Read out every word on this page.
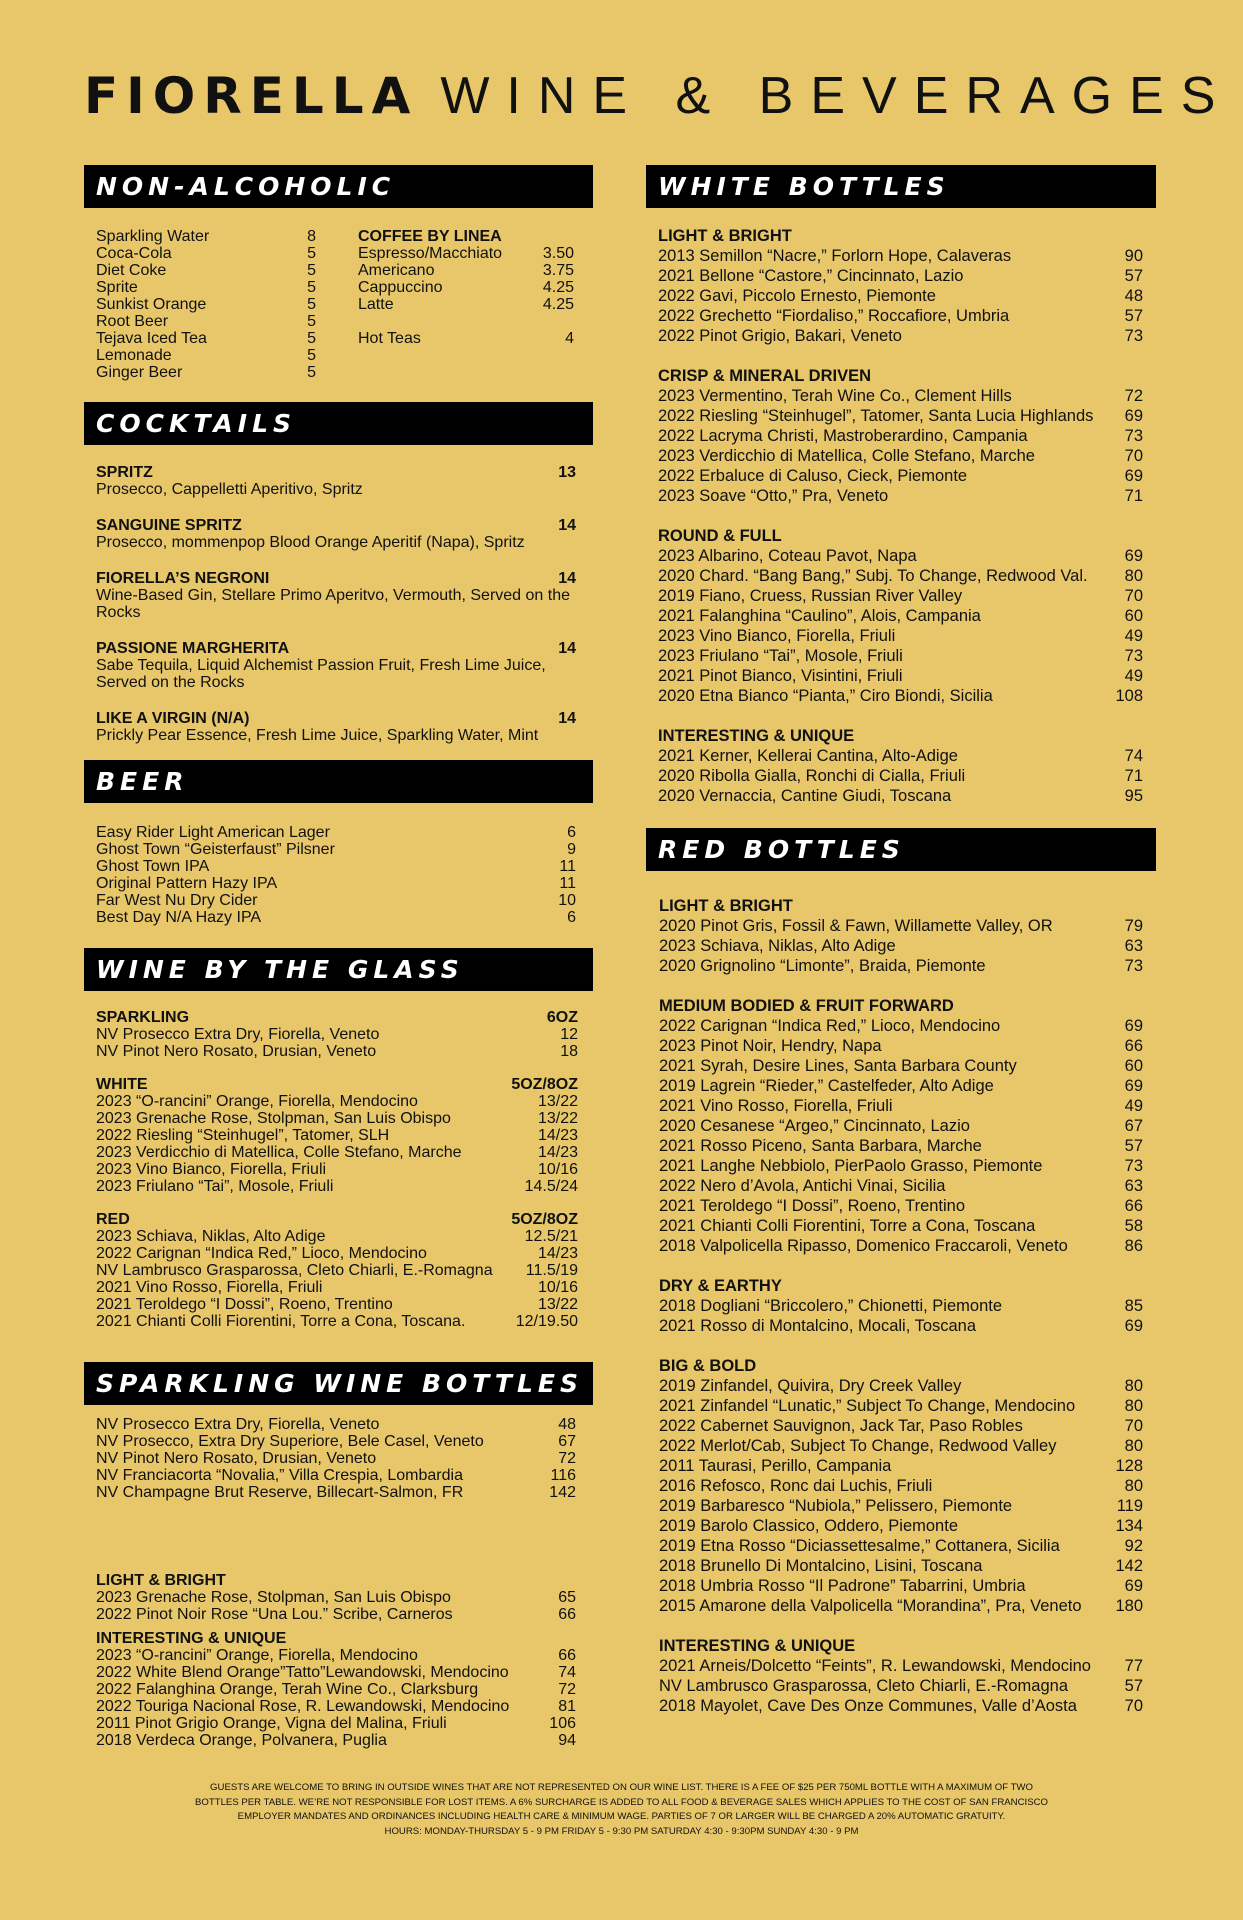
FIORELLA WINE & BEVERAGES
NON-ALCOHOLIC
Sparkling Water	8
Coca-Cola	5
Diet Coke	5
Sprite	5
Sunkist Orange	5
Root Beer	5
Tejava Iced Tea	5
Lemonade	5
Ginger Beer	5
COFFEE BY LINEA
Espresso/Macchiato	3.50
Americano	3.75
Cappuccino	4.25
Latte	4.25
Hot Teas	4
COCKTAILS
SPRITZ	13
Prosecco, Cappelletti Aperitivo, Spritz
SANGUINE SPRITZ	14
Prosecco, mommenpop Blood Orange Aperitif (Napa), Spritz
FIORELLA’S NEGRONI	14
Wine-Based Gin, Stellare Primo Aperitvo, Vermouth, Served on the Rocks
PASSIONE MARGHERITA	14
Sabe Tequila, Liquid Alchemist Passion Fruit, Fresh Lime Juice, Served on the Rocks
LIKE A VIRGIN (N/A)	14
Prickly Pear Essence, Fresh Lime Juice, Sparkling Water, Mint
BEER
Easy Rider Light American Lager	6
Ghost Town “Geisterfaust” Pilsner	9
Ghost Town IPA	11
Original Pattern Hazy IPA	11
Far West Nu Dry Cider	10
Best Day N/A Hazy IPA	6
WINE BY THE GLASS
SPARKLING	6OZ
NV Prosecco Extra Dry, Fiorella, Veneto	12
NV Pinot Nero Rosato, Drusian, Veneto	18
WHITE	5OZ/8OZ
2023 “O-rancini” Orange, Fiorella, Mendocino	13/22
2023 Grenache Rose, Stolpman, San Luis Obispo	13/22
2022 Riesling “Steinhugel”, Tatomer, SLH	14/23
2023 Verdicchio di Matellica, Colle Stefano, Marche	14/23
2023 Vino Bianco, Fiorella, Friuli	10/16
2023 Friulano “Tai”, Mosole, Friuli	14.5/24
RED	5OZ/8OZ
2023 Schiava, Niklas, Alto Adige	12.5/21
2022 Carignan “Indica Red,” Lioco, Mendocino	14/23
NV Lambrusco Grasparossa, Cleto Chiarli, E.-Romagna 11.5/19
2021 Vino Rosso, Fiorella, Friuli	10/16
2021 Teroldego “I Dossi”, Roeno, Trentino	13/22
2021 Chianti Colli Fiorentini, Torre a Cona, Toscana.	12/19.50
SPARKLING WINE BOTTLES
NV Prosecco Extra Dry, Fiorella, Veneto	48
NV Prosecco, Extra Dry Superiore, Bele Casel, Veneto	67
NV Pinot Nero Rosato, Drusian, Veneto	72
NV Franciacorta “Novalia,” Villa Crespia, Lombardia	116
NV Champagne Brut Reserve, Billecart-Salmon, FR	142
LIGHT & BRIGHT
2023 Grenache Rose, Stolpman, San Luis Obispo	65
2022 Pinot Noir Rose “Una Lou.” Scribe, Carneros	66
INTERESTING & UNIQUE
2023 “O-rancini” Orange, Fiorella, Mendocino	66
2022 White Blend Orange”Tatto”Lewandowski, Mendocino	74
2022 Falanghina Orange, Terah Wine Co., Clarksburg	72
2022 Touriga Nacional Rose, R. Lewandowski, Mendocino	81
2011 Pinot Grigio Orange, Vigna del Malina, Friuli	106
2018 Verdeca Orange, Polvanera, Puglia	94
WHITE BOTTLES
LIGHT & BRIGHT
2013 Semillon “Nacre,” Forlorn Hope, Calaveras	90
2021 Bellone “Castore,” Cincinnato, Lazio	57
2022 Gavi, Piccolo Ernesto, Piemonte	48
2022 Grechetto “Fiordaliso,” Roccafiore, Umbria	57
2022 Pinot Grigio, Bakari, Veneto	73
CRISP & MINERAL DRIVEN
2023 Vermentino, Terah Wine Co., Clement Hills	72
2022 Riesling “Steinhugel”, Tatomer, Santa Lucia Highlands 69
2022 Lacryma Christi, Mastroberardino, Campania	73
2023 Verdicchio di Matellica, Colle Stefano, Marche	70
2022 Erbaluce di Caluso, Cieck, Piemonte	69
2023 Soave “Otto,” Pra, Veneto	71
ROUND & FULL
2023 Albarino, Coteau Pavot, Napa	69
2020 Chard. “Bang Bang,” Subj. To Change, Redwood Val. 80
2019 Fiano, Cruess, Russian River Valley	70
2021 Falanghina “Caulino”, Alois, Campania	60
2023 Vino Bianco, Fiorella, Friuli	49
2023 Friulano “Tai”, Mosole, Friuli	73
2021 Pinot Bianco, Visintini, Friuli	49
2020 Etna Bianco “Pianta,” Ciro Biondi, Sicilia	108
INTERESTING & UNIQUE
2021 Kerner, Kellerai Cantina, Alto-Adige	74
2020 Ribolla Gialla, Ronchi di Cialla, Friuli	71
2020 Vernaccia, Cantine Giudi, Toscana	95
RED BOTTLES
LIGHT & BRIGHT
2020 Pinot Gris, Fossil & Fawn, Willamette Valley, OR	79
2023 Schiava, Niklas, Alto Adige	63
2020 Grignolino “Limonte”, Braida, Piemonte	73
MEDIUM BODIED & FRUIT FORWARD
2022 Carignan “Indica Red,” Lioco, Mendocino	69
2023 Pinot Noir, Hendry, Napa	66
2021 Syrah, Desire Lines, Santa Barbara County	60
2019 Lagrein “Rieder,” Castelfeder, Alto Adige	69
2021 Vino Rosso, Fiorella, Friuli	49
2020 Cesanese “Argeo,” Cincinnato, Lazio	67
2021 Rosso Piceno, Santa Barbara, Marche	57
2021 Langhe Nebbiolo, PierPaolo Grasso, Piemonte	73
2022 Nero d’Avola, Antichi Vinai, Sicilia	63
2021 Teroldego “I Dossi”, Roeno, Trentino	66
2021 Chianti Colli Fiorentini, Torre a Cona, Toscana	58
2018 Valpolicella Ripasso, Domenico Fraccaroli, Veneto	86
DRY & EARTHY
2018 Dogliani “Briccolero,” Chionetti, Piemonte	85
2021 Rosso di Montalcino, Mocali, Toscana	69
BIG & BOLD
2019 Zinfandel, Quivira, Dry Creek Valley	80
2021 Zinfandel “Lunatic,” Subject To Change, Mendocino	80
2022 Cabernet Sauvignon, Jack Tar, Paso Robles	70
2022 Merlot/Cab, Subject To Change, Redwood Valley	80
2011 Taurasi, Perillo, Campania	128
2016 Refosco, Ronc dai Luchis, Friuli	80
2019 Barbaresco “Nubiola,” Pelissero, Piemonte	119
2019 Barolo Classico, Oddero, Piemonte	134
2019 Etna Rosso “Diciassettesalme,” Cottanera, Sicilia	92
2018 Brunello Di Montalcino, Lisini, Toscana	142
2018 Umbria Rosso “Il Padrone” Tabarrini, Umbria	69
2015 Amarone della Valpolicella “Morandina”, Pra, Veneto 180
INTERESTING & UNIQUE
2021 Arneis/Dolcetto “Feints”, R. Lewandowski, Mendocino 77
NV Lambrusco Grasparossa, Cleto Chiarli, E.-Romagna	57
2018 Mayolet, Cave Des Onze Communes, Valle d’Aosta	70
GUESTS ARE WELCOME TO BRING IN OUTSIDE WINES THAT ARE NOT REPRESENTED ON OUR WINE LIST. THERE IS A FEE OF $25 PER 750ML BOTTLE WITH A MAXIMUM OF TWO
BOTTLES PER TABLE. WE’RE NOT RESPONSIBLE FOR LOST ITEMS. A 6% SURCHARGE IS ADDED TO ALL FOOD & BEVERAGE SALES WHICH APPLIES TO THE COST OF SAN FRANCISCO
EMPLOYER MANDATES AND ORDINANCES INCLUDING HEALTH CARE & MINIMUM WAGE. PARTIES OF 7 OR LARGER WILL BE CHARGED A 20% AUTOMATIC GRATUITY.
HOURS: MONDAY-THURSDAY 5 - 9 PM FRIDAY 5 - 9:30 PM SATURDAY 4:30 - 9:30PM SUNDAY 4:30 - 9 PM
